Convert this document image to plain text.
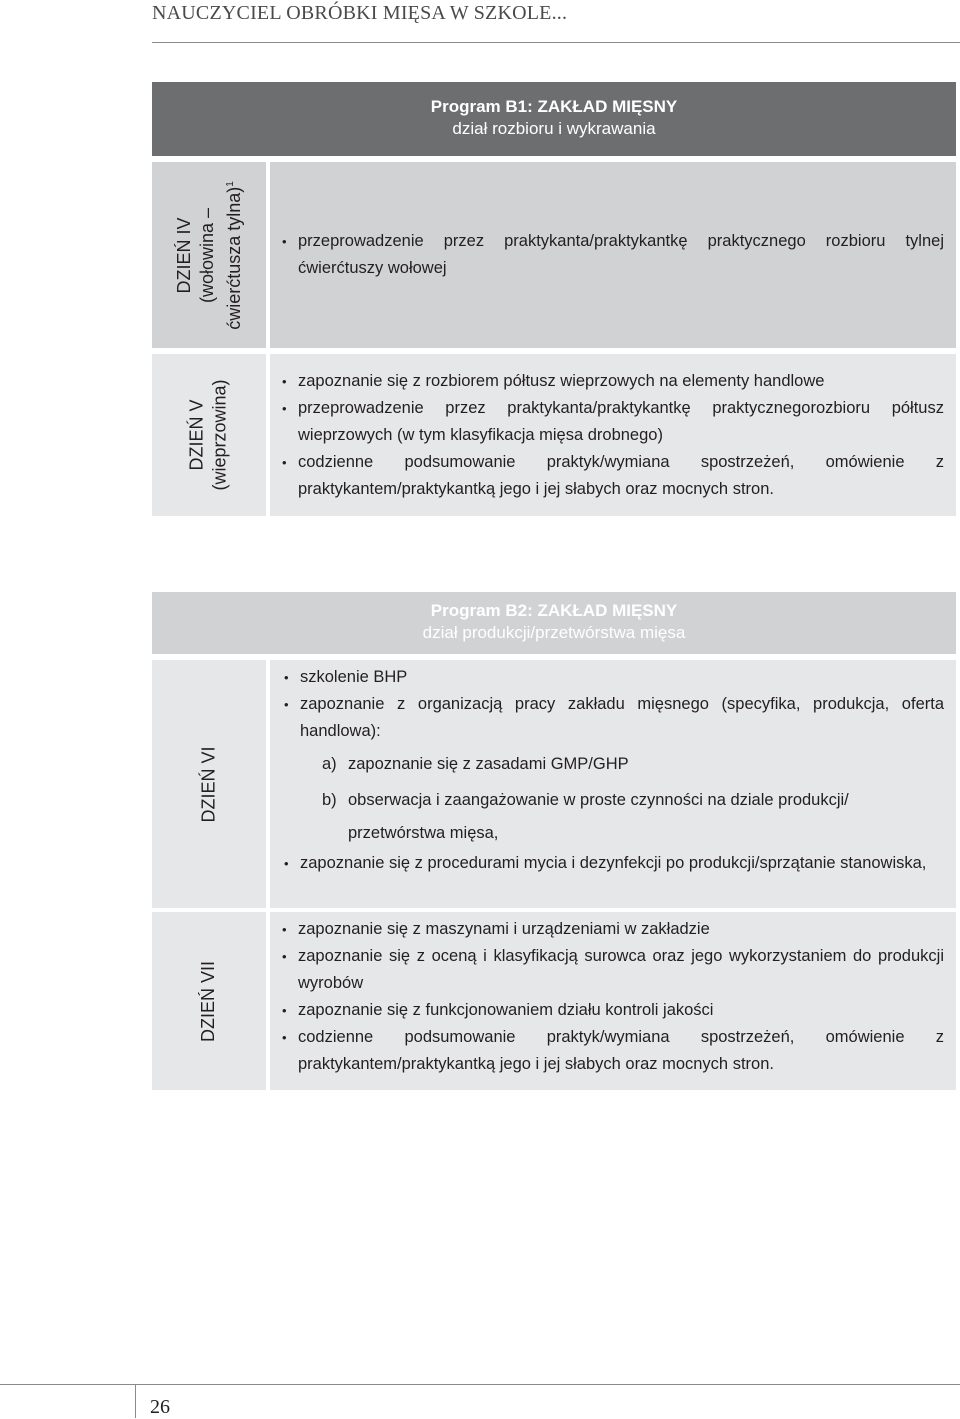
NAUCZYCIEL OBRÓBKI MIĘSA W SZKOLE...
Program B1: ZAKŁAD MIĘSNY
dział rozbioru i wykrawania
DZIEŃ IV (wołowina – ćwierćtusza tylna)$^1$
• przeprowadzenie przez praktykanta/praktykantkę praktycznego rozbioru tylnej ćwierćtuszy wołowej
DZIEŃ V (wieprzowina)
•	zapoznanie się z rozbiorem półtusz wieprzowych na elementy handlowe
• przeprowadzenie przez praktykanta/praktykantkę praktycznegorozbioru półtusz wieprzowych (w tym klasyfikacja mięsa drobnego)
• codzienne podsumowanie praktyk/wymiana spostrzeżeń, omówienie z praktykantem/praktykantką jego i jej słabych oraz mocnych stron.
Program B2: ZAKŁAD MIĘSNY
dział produkcji/przetwórstwa mięsa
DZIEŃ VI
• szkolenie BHP
• zapoznanie z organizacją pracy zakładu mięsnego (specyfika, produkcja, oferta handlowa):
a) zapoznanie się z zasadami GMP/GHP
b) obserwacja i zaangażowanie w proste czynności na dziale produkcji/ przetwórstwa mięsa,
• zapoznanie się z procedurami mycia i dezynfekcji po produkcji/sprzątanie stanowiska,
DZIEŃ VII
• zapoznanie się z maszynami i urządzeniami w zakładzie
• zapoznanie się z oceną i klasyfikacją surowca oraz jego wykorzystaniem do produkcji wyrobów
• zapoznanie się z funkcjonowaniem działu kontroli jakości
• codzienne podsumowanie praktyk/wymiana spostrzeżeń, omówienie z praktykantem/praktykantką jego i jej słabych oraz mocnych stron.
26
